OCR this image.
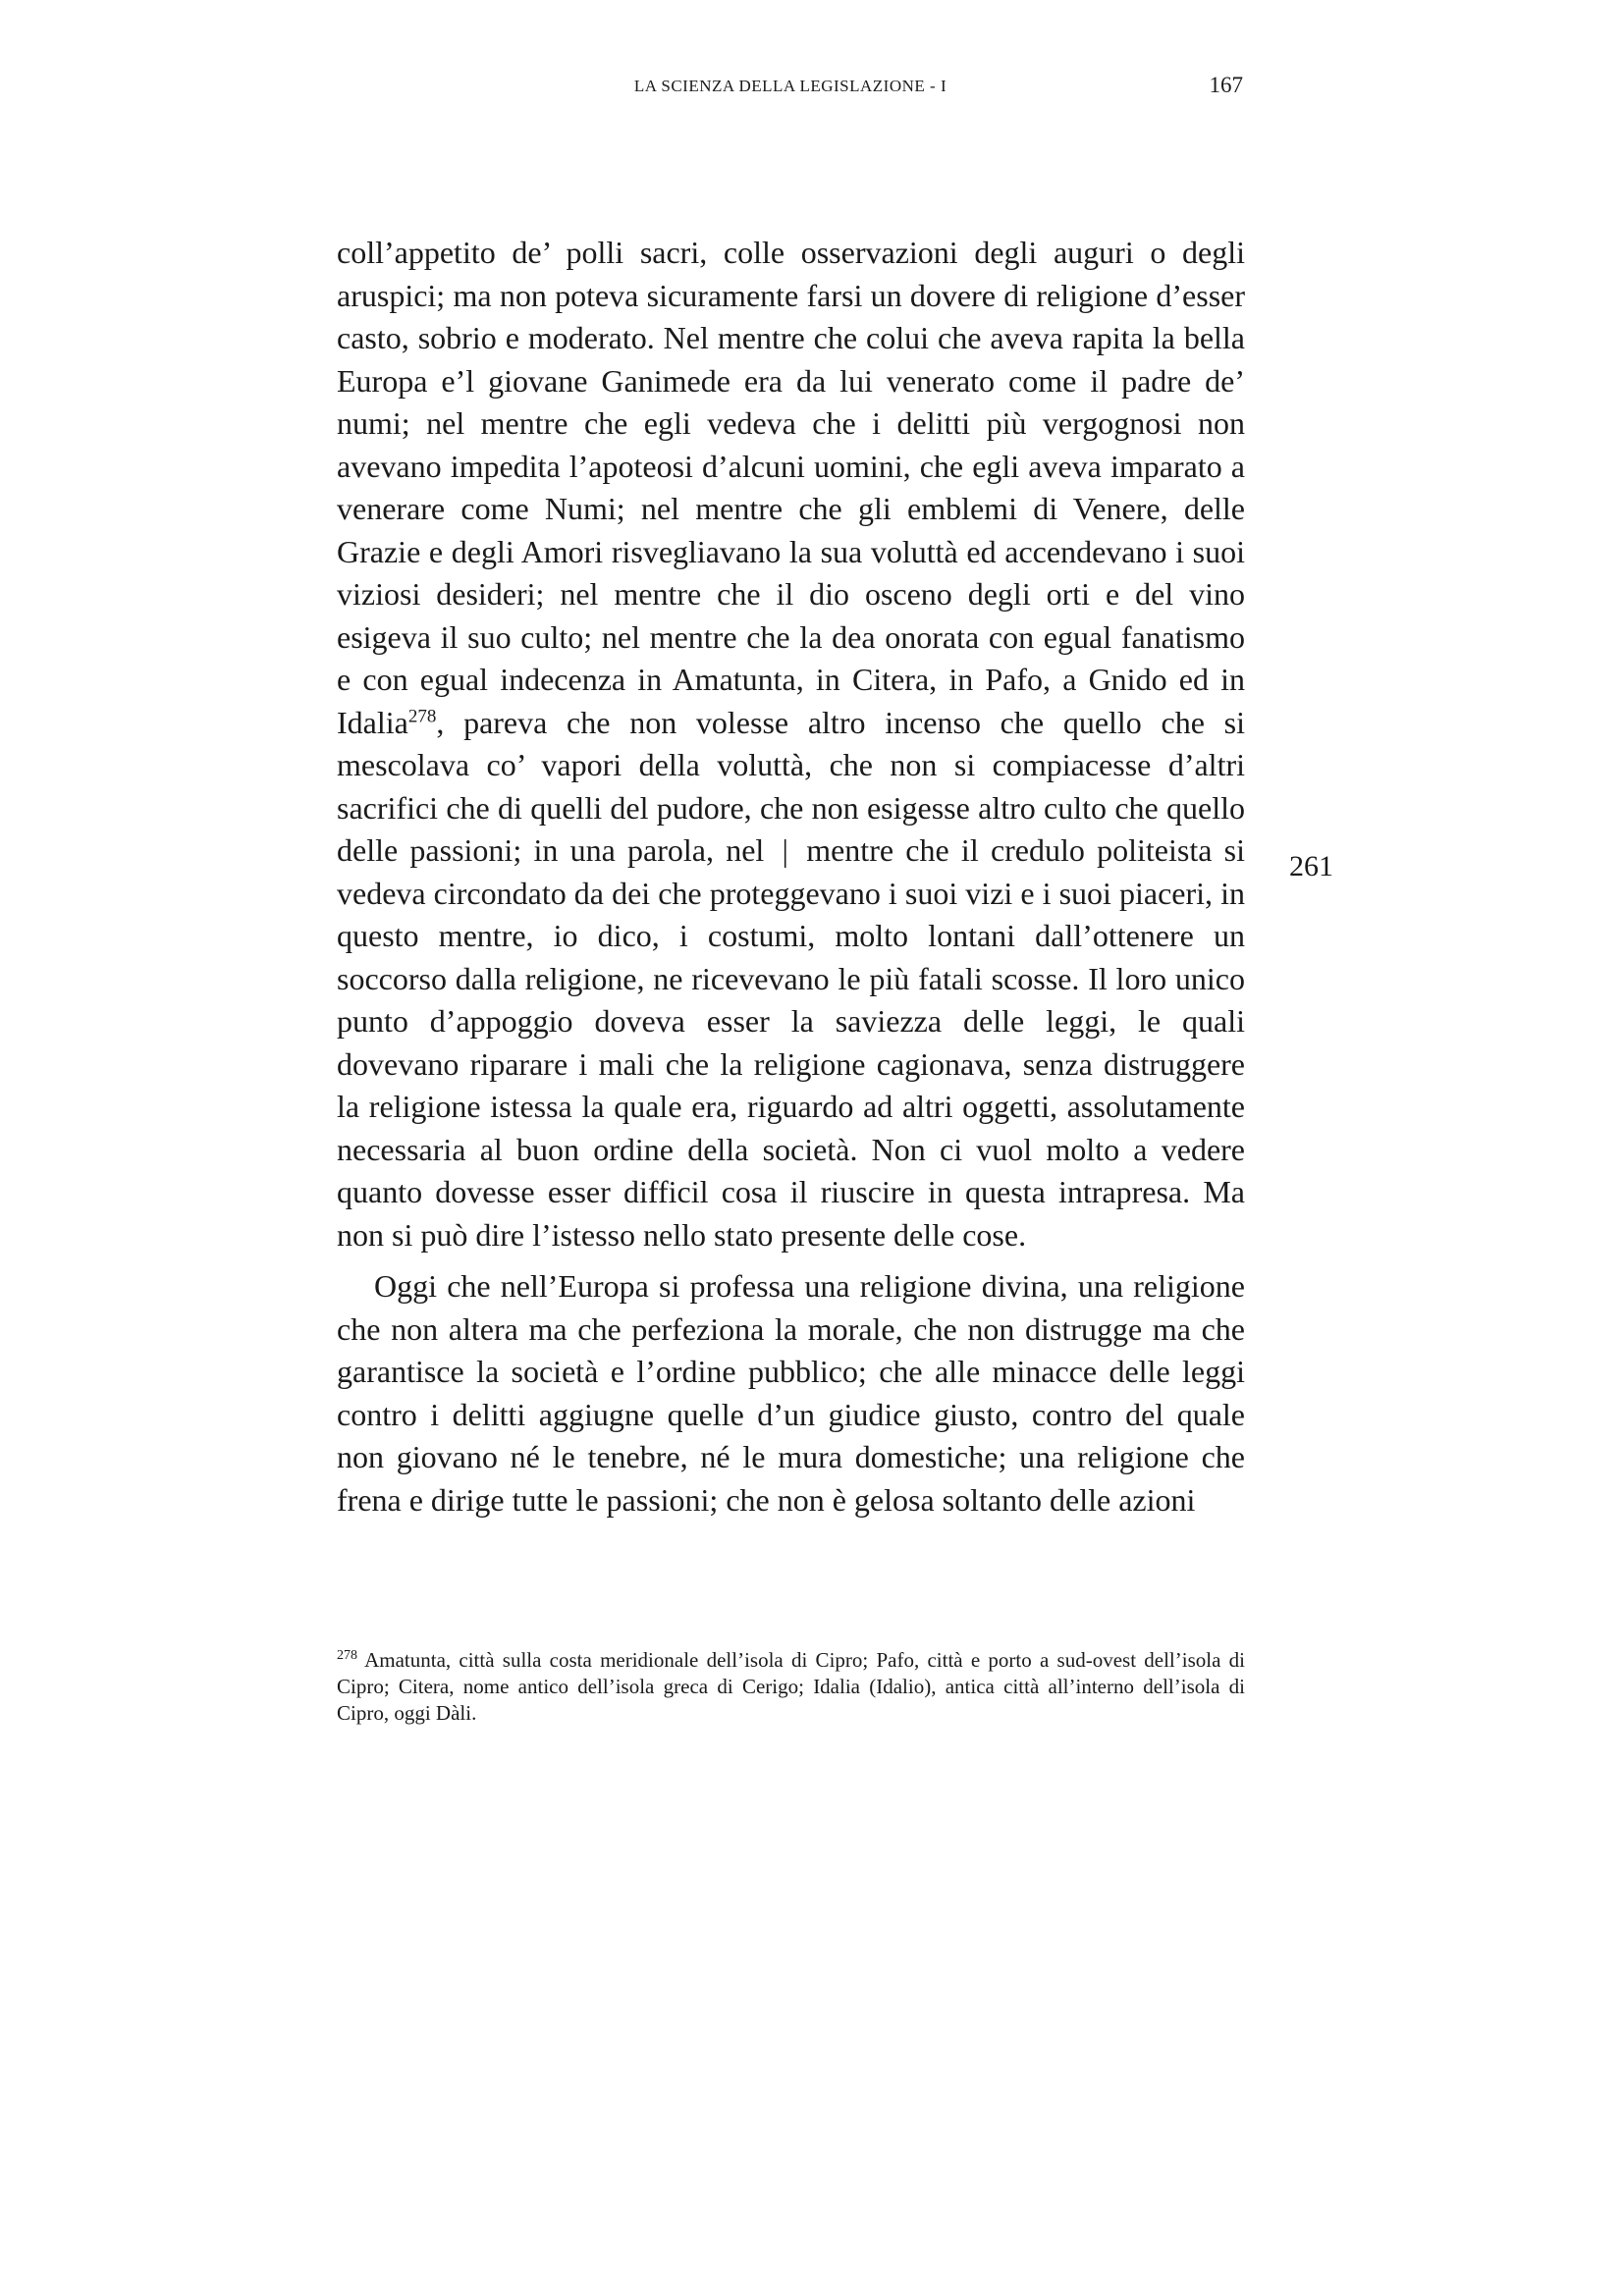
LA SCIENZA DELLA LEGISLAZIONE - I	167
261

coll’appetito de’ polli sacri, colle osservazioni degli auguri o degli aruspici; ma non poteva sicuramente farsi un dovere di religione d’esser casto, sobrio e moderato. Nel mentre che colui che aveva rapita la bella Europa e’l giovane Ganimede era da lui venerato come il padre de’ numi; nel mentre che egli vedeva che i delitti più vergognosi non avevano impedita l’apoteosi d’alcuni uomini, che egli aveva imparato a venerare come Numi; nel mentre che gli emblemi di Venere, delle Grazie e degli Amori risvegliavano la sua voluttà ed accendevano i suoi viziosi desideri; nel mentre che il dio osceno degli orti e del vino esigeva il suo culto; nel mentre che la dea onorata con egual fanatismo e con egual indecenza in Amatunta, in Citera, in Pafo, a Gnido ed in Idalia$^{278}$, pareva che non volesse altro incenso che quello che si mescolava co’ vapori della voluttà, che non si compiacesse d’altri sacrifici che di quelli del pudore, che non esigesse altro culto che quello delle passioni; in una parola, nel | mentre che il credulo politeista si vedeva circondato da dei che proteggevano i suoi vizi e i suoi piaceri, in questo mentre, io dico, i costumi, molto lontani dall’ottenere un soccorso dalla religione, ne ricevevano le più fatali scosse. Il loro unico punto d’appoggio doveva esser la saviezza delle leggi, le quali dovevano riparare i mali che la religione cagionava, senza distruggere la religione istessa la quale era, riguardo ad altri oggetti, assolutamente necessaria al buon ordine della società. Non ci vuol molto a vedere quanto dovesse esser difficil cosa il riuscire in questa intrapresa. Ma non si può dire l’istesso nello stato presente delle cose.

Oggi che nell’Europa si professa una religione divina, una religione che non altera ma che perfeziona la morale, che non distrugge ma che garantisce la società e l’ordine pubblico; che alle minacce delle leggi contro i delitti aggiugne quelle d’un giudice giusto, contro del quale non giovano né le tenebre, né le mura domestiche; una religione che frena e dirige tutte le passioni; che non è gelosa soltanto delle azioni

$^{278}$ Amatunta, città sulla costa meridionale dell’isola di Cipro; Pafo, città e porto a sud-ovest dell’isola di Cipro; Citera, nome antico dell’isola greca di Cerigo; Idalia (Idalio), antica città all’interno dell’isola di Cipro, oggi Dàli.
